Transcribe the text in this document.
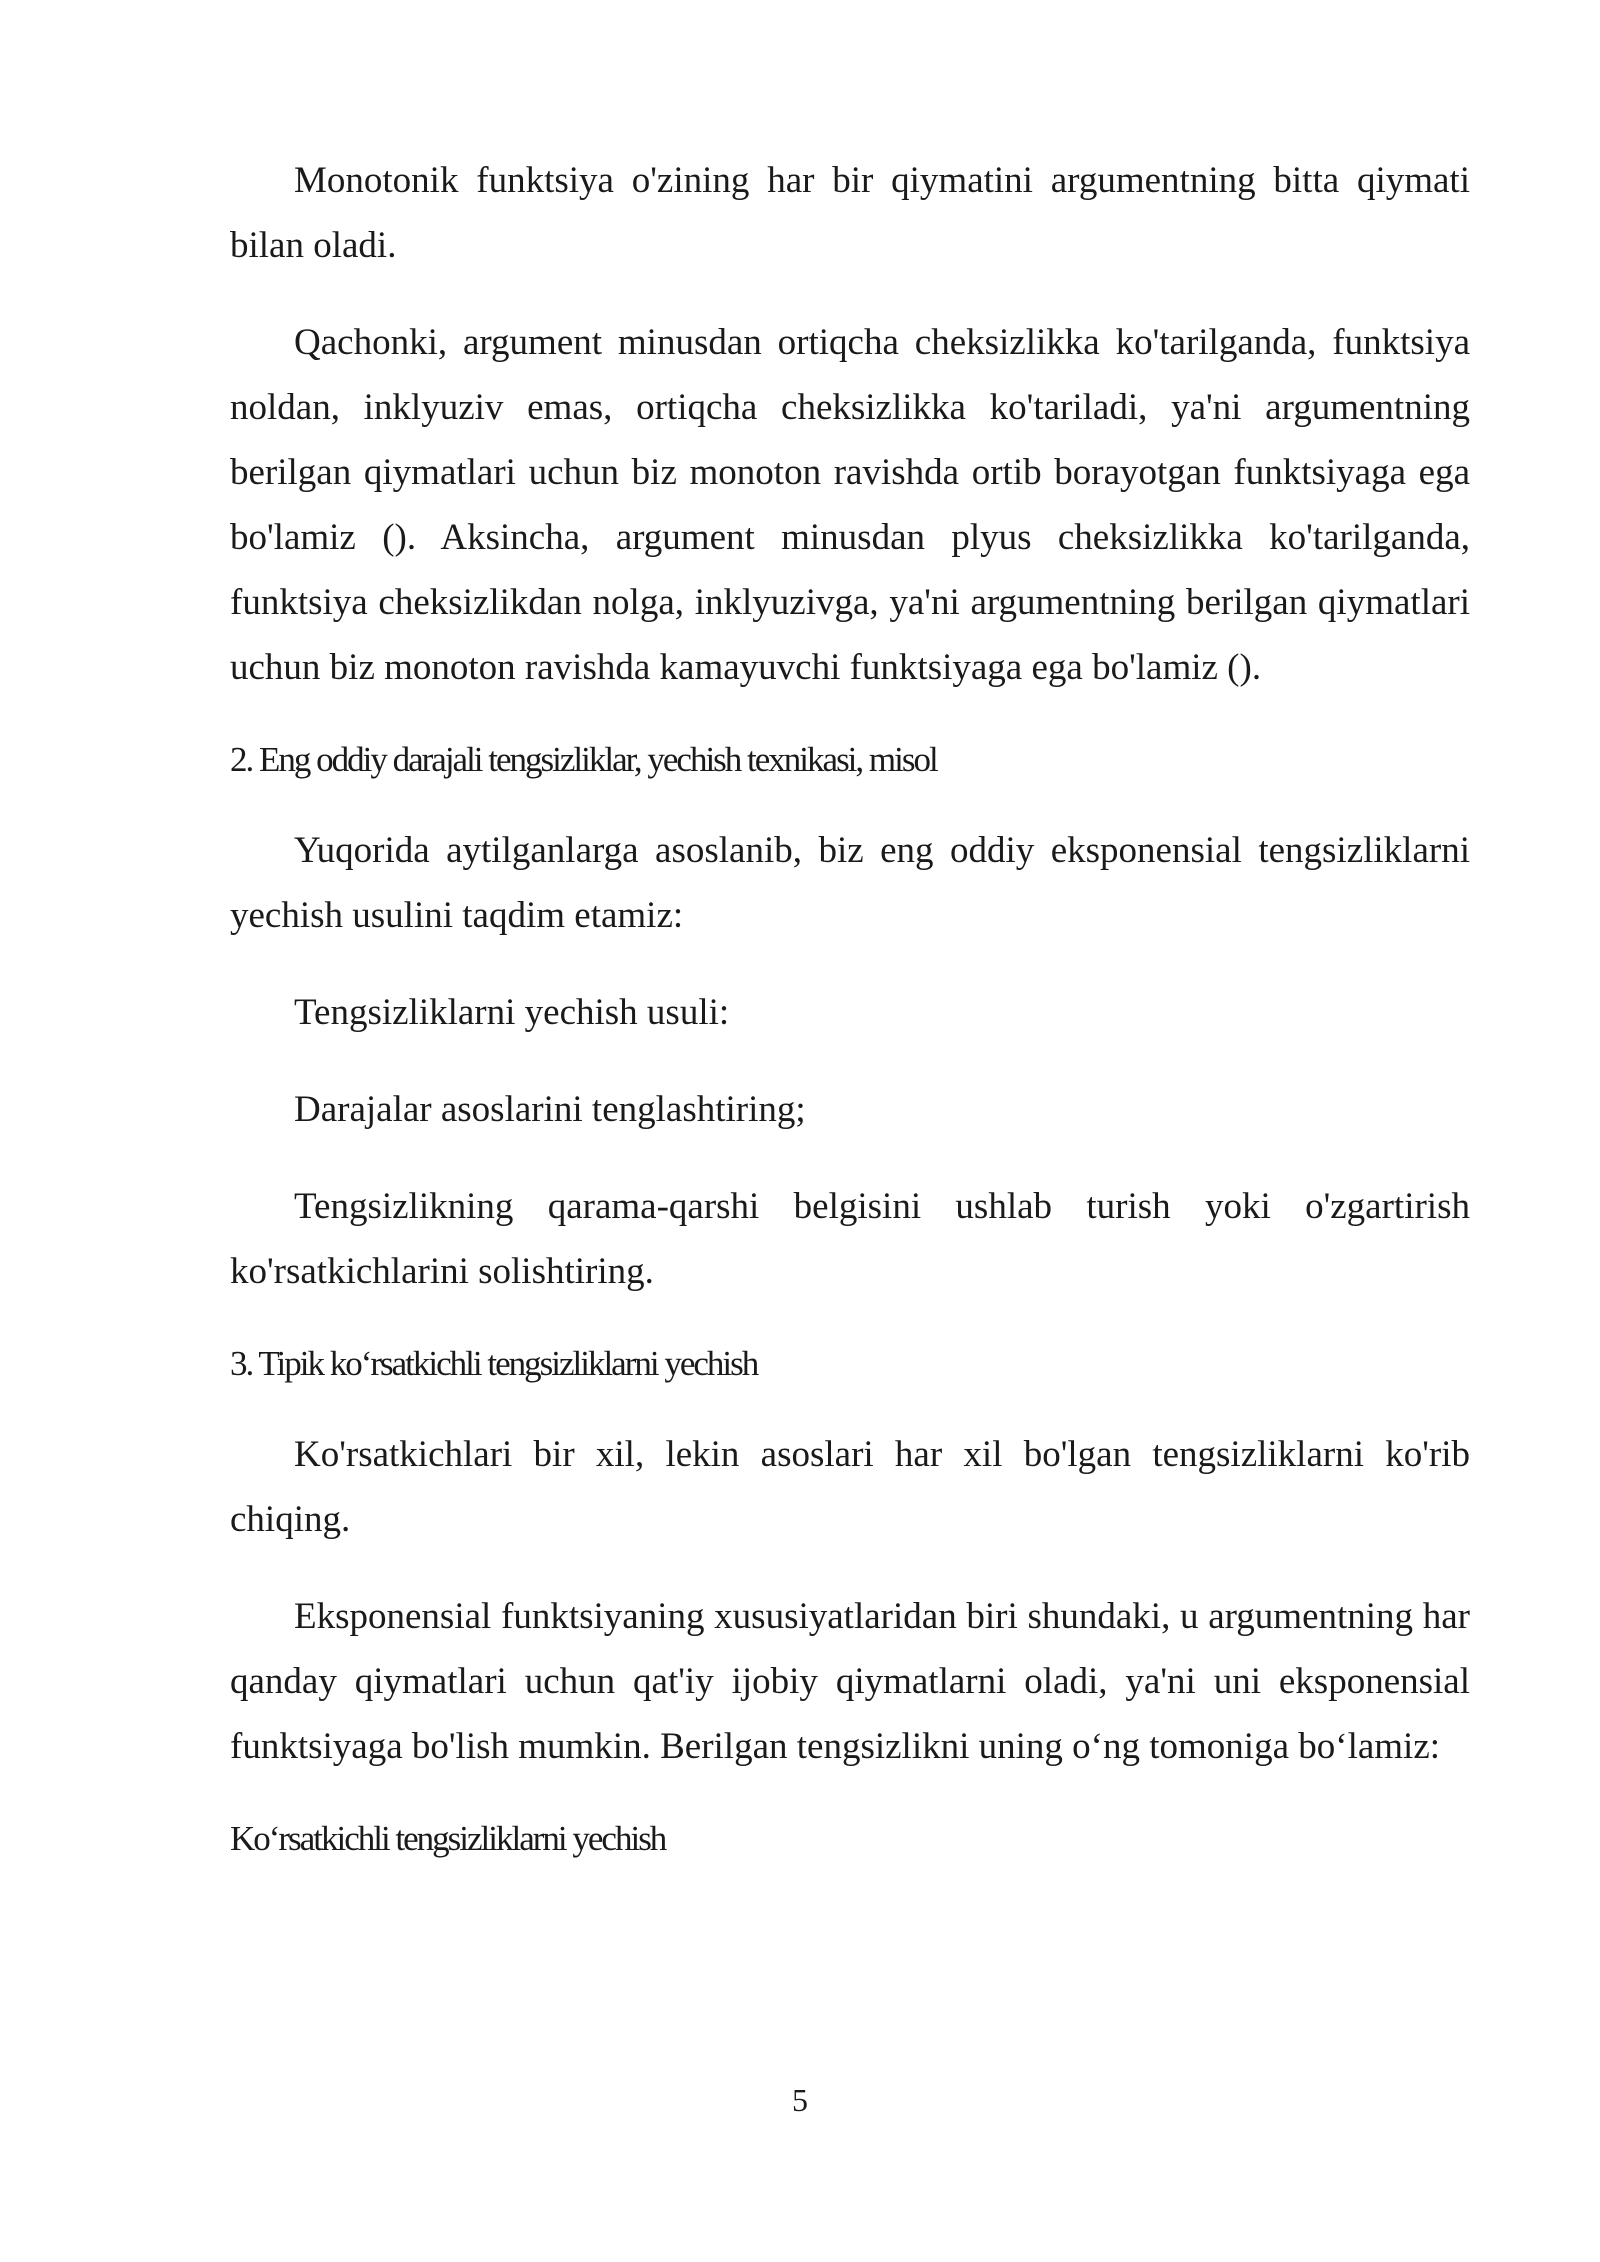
Monotonik funktsiya o'zining har bir qiymatini argumentning bitta qiymati bilan oladi.

Qachonki, argument minusdan ortiqcha cheksizlikka ko'tarilganda, funktsiya noldan, inklyuziv emas, ortiqcha cheksizlikka ko'tariladi, ya'ni argumentning berilgan qiymatlari uchun biz monoton ravishda ortib borayotgan funktsiyaga ega bo'lamiz (). Aksincha, argument minusdan plyus cheksizlikka ko'tarilganda, funktsiya cheksizlikdan nolga, inklyuzivga, ya'ni argumentning berilgan qiymatlari uchun biz monoton ravishda kamayuvchi funktsiyaga ega bo'lamiz ().

2. Eng oddiy darajali tengsizliklar, yechish texnikasi, misol

Yuqorida aytilganlarga asoslanib, biz eng oddiy eksponensial tengsizliklarni yechish usulini taqdim etamiz:

Tengsizliklarni yechish usuli:

Darajalar asoslarini tenglashtiring;

Tengsizlikning qarama-qarshi belgisini ushlab turish yoki o'zgartirish ko'rsatkichlarini solishtiring.

3. Tipik ko‘rsatkichli tengsizliklarni yechish

Ko'rsatkichlari bir xil, lekin asoslari har xil bo'lgan tengsizliklarni ko'rib chiqing.

Eksponensial funktsiyaning xususiyatlaridan biri shundaki, u argumentning har qanday qiymatlari uchun qat'iy ijobiy qiymatlarni oladi, ya'ni uni eksponensial funktsiyaga bo'lish mumkin. Berilgan tengsizlikni uning o‘ng tomoniga bo‘lamiz:

Ko‘rsatkichli tengsizliklarni yechish
5
